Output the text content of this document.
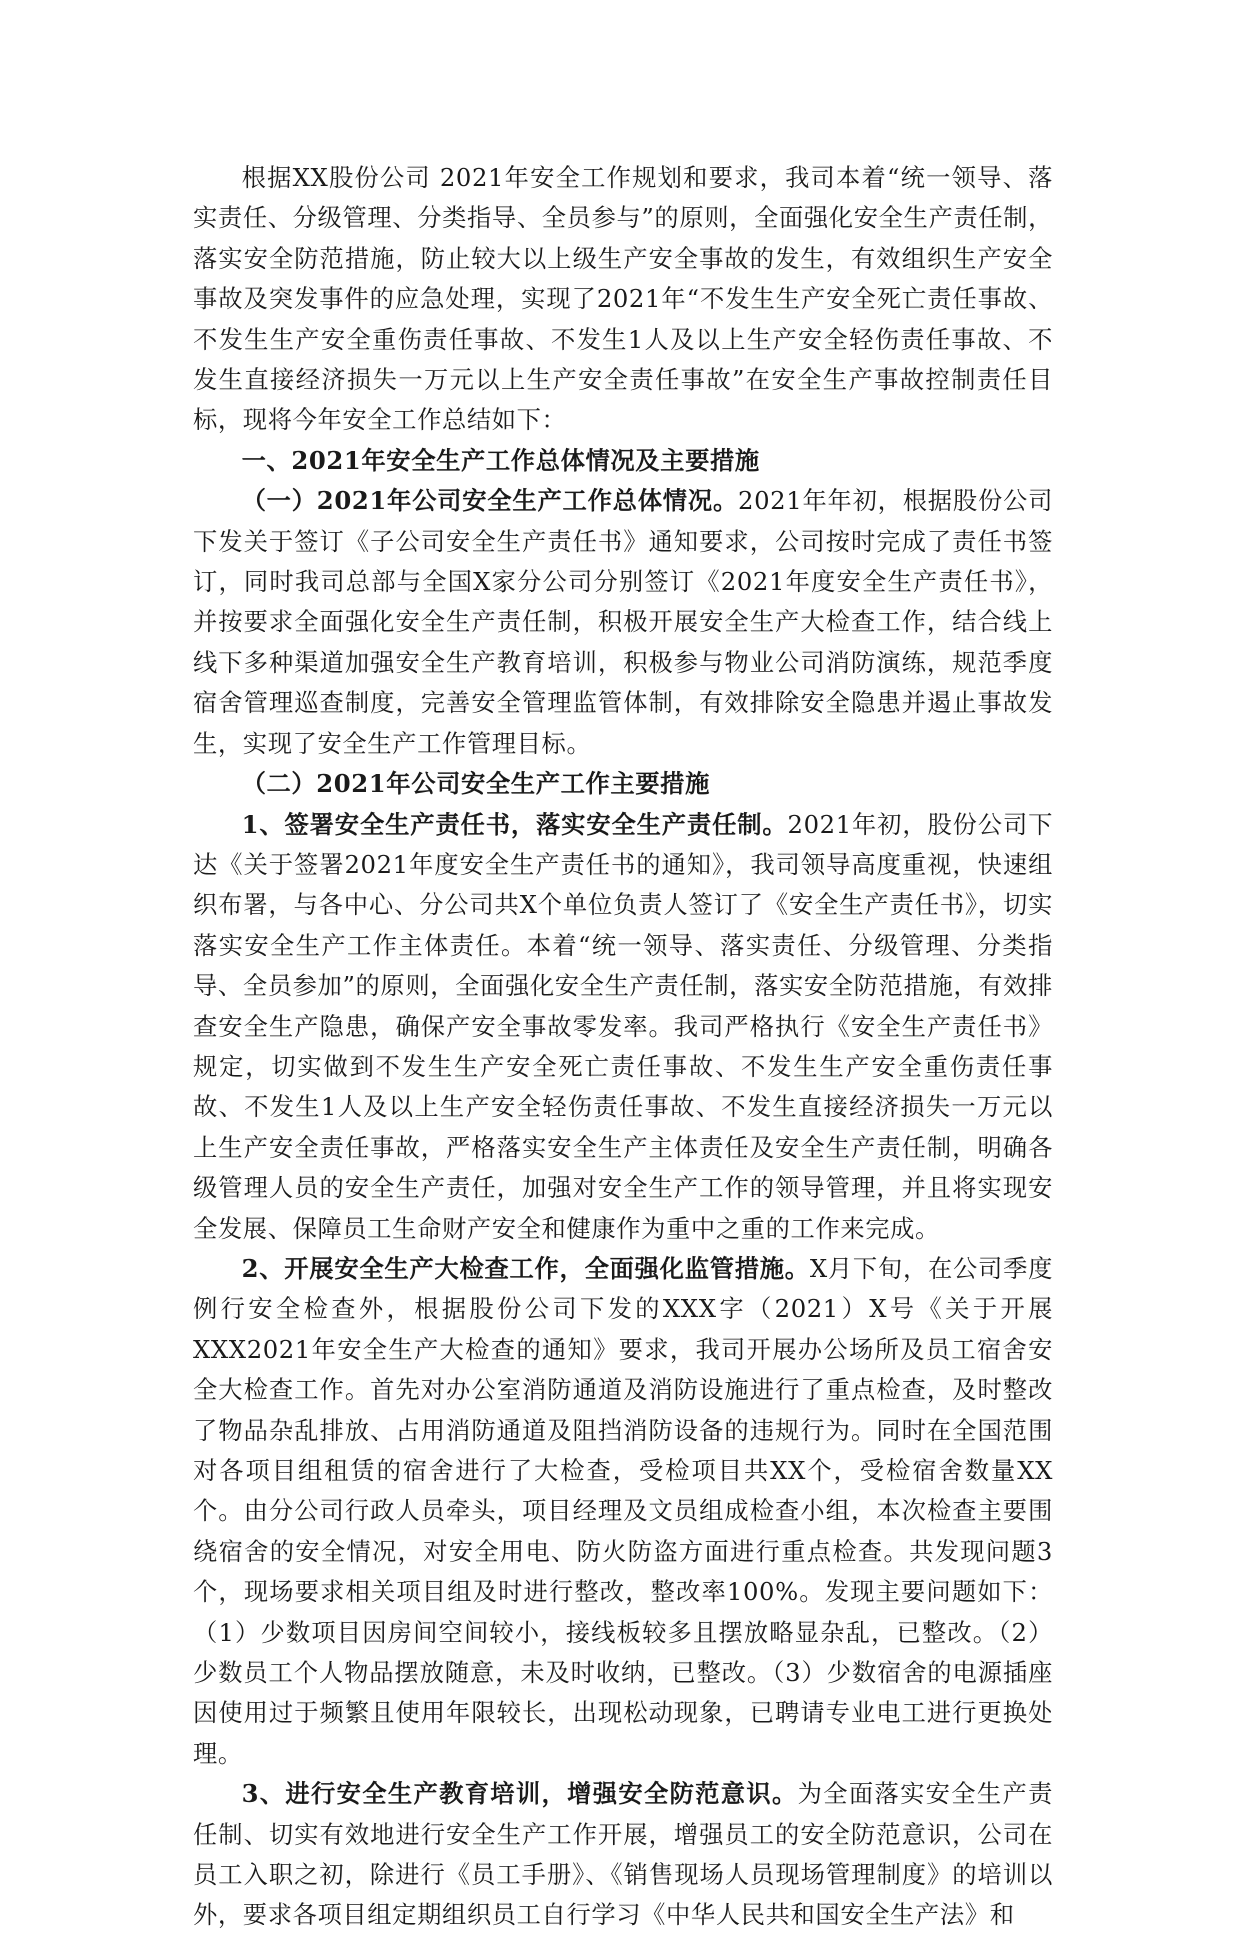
根据XX股份公司 2021年安全工作规划和要求，我司本着“统一领导、落实责任、分级管理、分类指导、全员参与”的原则，全面强化安全生产责任制，落实安全防范措施，防止较大以上级生产安全事故的发生，有效组织生产安全事故及突发事件的应急处理，实现了2021年“不发生生产安全死亡责任事故、不发生生产安全重伤责任事故、不发生1人及以上生产安全轻伤责任事故、不发生直接经济损失一万元以上生产安全责任事故”在安全生产事故控制责任目标，现将今年安全工作总结如下：

一、2021年安全生产工作总体情况及主要措施

（一）2021年公司安全生产工作总体情况。2021年年初，根据股份公司下发关于签订《子公司安全生产责任书》通知要求，公司按时完成了责任书签订，同时我司总部与全国X家分公司分别签订《2021年度安全生产责任书》，并按要求全面强化安全生产责任制，积极开展安全生产大检查工作，结合线上线下多种渠道加强安全生产教育培训，积极参与物业公司消防演练，规范季度宿舍管理巡查制度，完善安全管理监管体制，有效排除安全隐患并遏止事故发生，实现了安全生产工作管理目标。

（二）2021年公司安全生产工作主要措施

1、签署安全生产责任书，落实安全生产责任制。2021年初，股份公司下达《关于签署2021年度安全生产责任书的通知》，我司领导高度重视，快速组织布署，与各中心、分公司共X个单位负责人签订了《安全生产责任书》，切实落实安全生产工作主体责任。本着“统一领导、落实责任、分级管理、分类指导、全员参加”的原则，全面强化安全生产责任制，落实安全防范措施，有效排查安全生产隐患，确保产安全事故零发率。我司严格执行《安全生产责任书》规定，切实做到不发生生产安全死亡责任事故、不发生生产安全重伤责任事故、不发生1人及以上生产安全轻伤责任事故、不发生直接经济损失一万元以上生产安全责任事故，严格落实安全生产主体责任及安全生产责任制，明确各级管理人员的安全生产责任，加强对安全生产工作的领导管理，并且将实现安全发展、保障员工生命财产安全和健康作为重中之重的工作来完成。

2、开展安全生产大检查工作，全面强化监管措施。X月下旬，在公司季度例行安全检查外，根据股份公司下发的XXX字（2021）X号《关于开展XXX2021年安全生产大检查的通知》要求，我司开展办公场所及员工宿舍安全大检查工作。首先对办公室消防通道及消防设施进行了重点检查，及时整改了物品杂乱排放、占用消防通道及阻挡消防设备的违规行为。同时在全国范围对各项目组租赁的宿舍进行了大检查，受检项目共XX个，受检宿舍数量XX个。由分公司行政人员牵头，项目经理及文员组成检查小组，本次检查主要围绕宿舍的安全情况，对安全用电、防火防盗方面进行重点检查。共发现问题3个，现场要求相关项目组及时进行整改，整改率100%。发现主要问题如下：（1）少数项目因房间空间较小，接线板较多且摆放略显杂乱，已整改。（2）少数员工个人物品摆放随意，未及时收纳，已整改。（3）少数宿舍的电源插座因使用过于频繁且使用年限较长，出现松动现象，已聘请专业电工进行更换处理。

3、进行安全生产教育培训，增强安全防范意识。为全面落实安全生产责任制、切实有效地进行安全生产工作开展，增强员工的安全防范意识，公司在员工入职之初，除进行《员工手册》、《销售现场人员现场管理制度》的培训以外，要求各项目组定期组织员工自行学习《中华人民共和国安全生产法》和
